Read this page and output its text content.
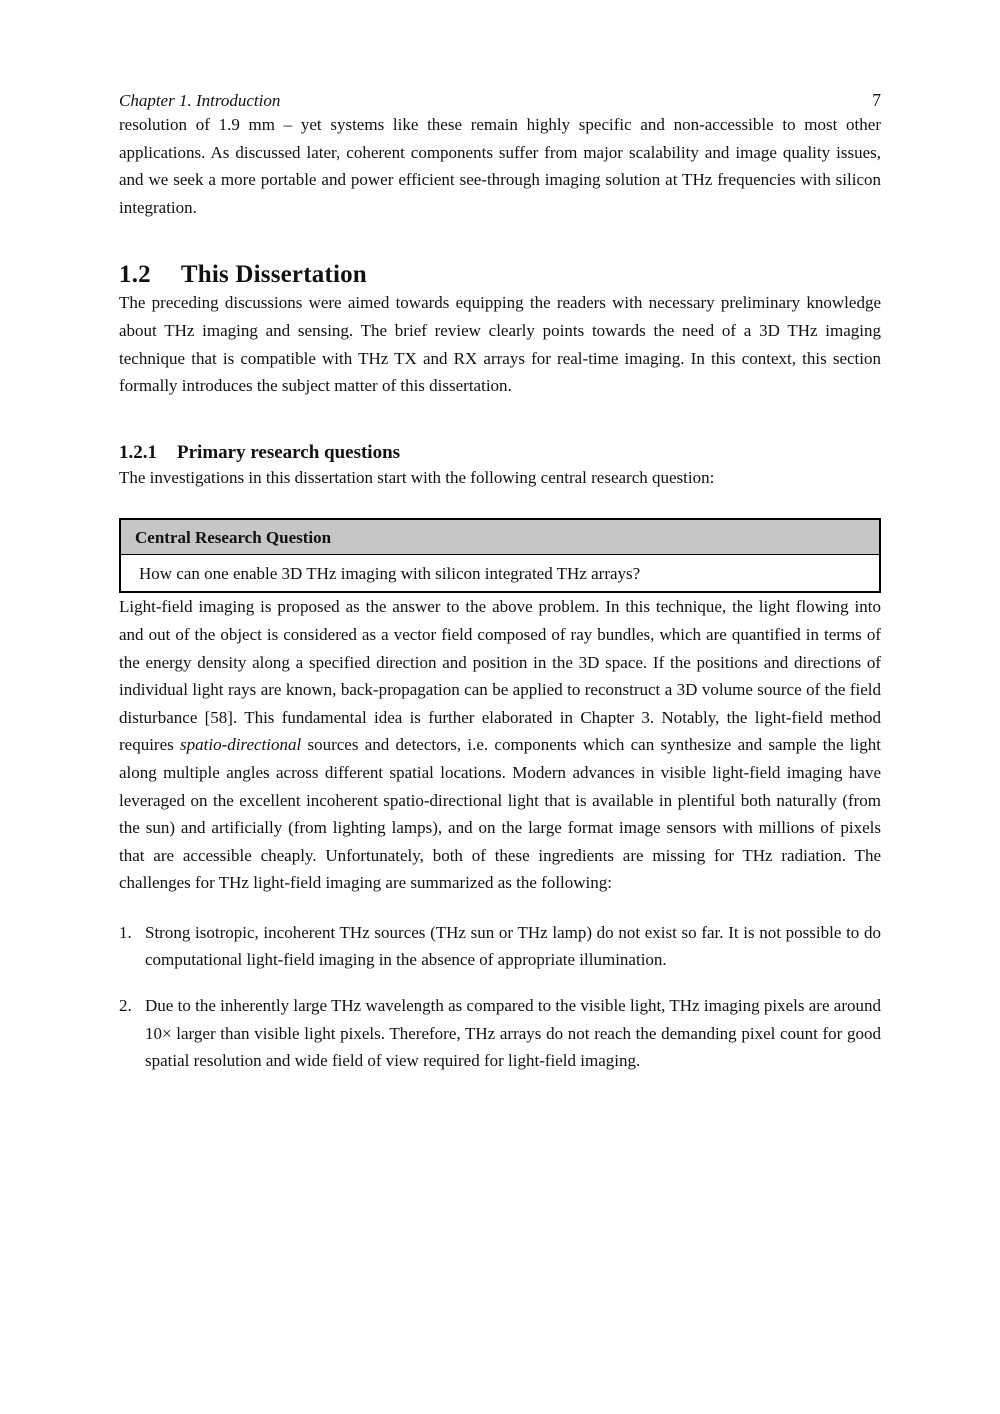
Chapter 1. Introduction	7

resolution of 1.9 mm – yet systems like these remain highly specific and non-accessible to most other applications. As discussed later, coherent components suffer from major scalability and image quality issues, and we seek a more portable and power efficient see-through imaging solution at THz frequencies with silicon integration.

1.2 This Dissertation

The preceding discussions were aimed towards equipping the readers with necessary preliminary knowledge about THz imaging and sensing. The brief review clearly points towards the need of a 3D THz imaging technique that is compatible with THz TX and RX arrays for real-time imaging. In this context, this section formally introduces the subject matter of this dissertation.

1.2.1 Primary research questions

The investigations in this dissertation start with the following central research question:

Central Research Question
How can one enable 3D THz imaging with silicon integrated THz arrays?

Light-field imaging is proposed as the answer to the above problem. In this technique, the light flowing into and out of the object is considered as a vector field composed of ray bundles, which are quantified in terms of the energy density along a specified direction and position in the 3D space. If the positions and directions of individual light rays are known, back-propagation can be applied to reconstruct a 3D volume source of the field disturbance [58]. This fundamental idea is further elaborated in Chapter 3. Notably, the light-field method requires spatio-directional sources and detectors, i.e. components which can synthesize and sample the light along multiple angles across different spatial locations. Modern advances in visible light-field imaging have leveraged on the excellent incoherent spatio-directional light that is available in plentiful both naturally (from the sun) and artificially (from lighting lamps), and on the large format image sensors with millions of pixels that are accessible cheaply. Unfortunately, both of these ingredients are missing for THz radiation. The challenges for THz light-field imaging are summarized as the following:

1. Strong isotropic, incoherent THz sources (THz sun or THz lamp) do not exist so far. It is not possible to do computational light-field imaging in the absence of appropriate illumination.
2. Due to the inherently large THz wavelength as compared to the visible light, THz imaging pixels are around 10× larger than visible light pixels. Therefore, THz arrays do not reach the demanding pixel count for good spatial resolution and wide field of view required for light-field imaging.
